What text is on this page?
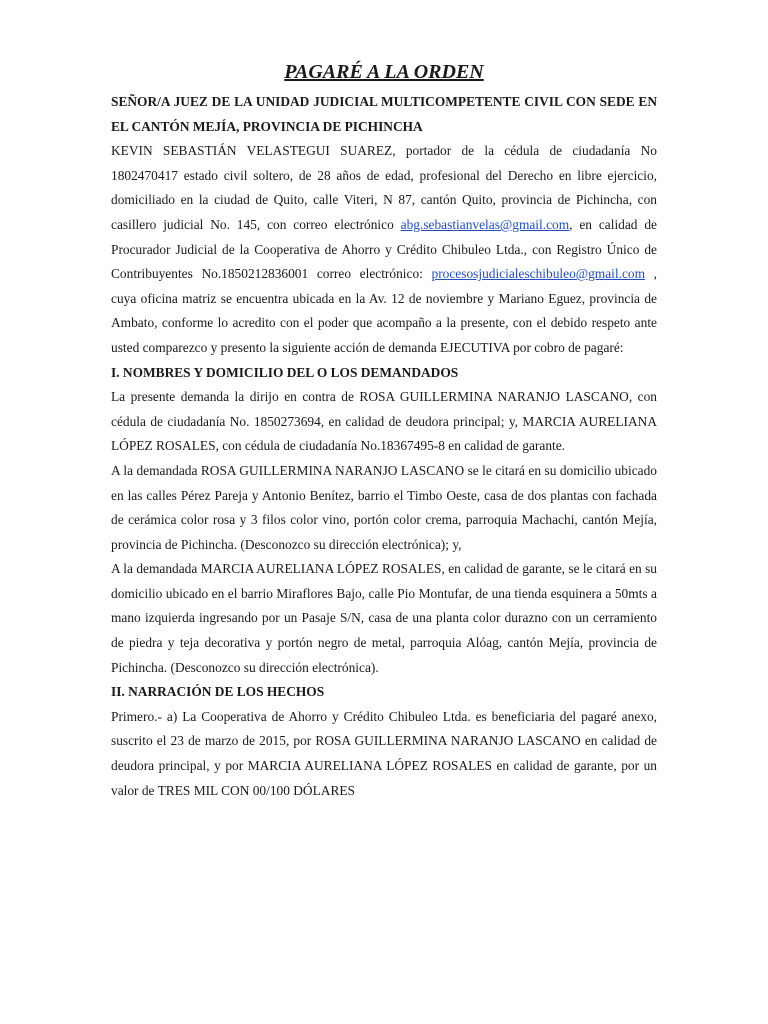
PAGARÉ A LA ORDEN

SEÑOR/A JUEZ DE LA UNIDAD JUDICIAL MULTICOMPETENTE CIVIL CON SEDE EN EL CANTÓN MEJÍA, PROVINCIA DE PICHINCHA

KEVIN SEBASTIÁN VELASTEGUI SUAREZ, portador de la cédula de ciudadanía No 1802470417 estado civil soltero, de 28 años de edad, profesional del Derecho en libre ejercicio, domiciliado en la ciudad de Quito, calle Viteri, N 87, cantón Quito, provincia de Pichincha, con casillero judicial No. 145, con correo electrónico abg.sebastianvelas@gmail.com, en calidad de Procurador Judicial de la Cooperativa de Ahorro y Crédito Chibuleo Ltda., con Registro Único de Contribuyentes No.1850212836001 correo electrónico: procesosjudicialeschibuleo@gmail.com , cuya oficina matriz se encuentra ubicada en la Av. 12 de noviembre y Mariano Eguez, provincia de Ambato, conforme lo acredito con el poder que acompaño a la presente, con el debido respeto ante usted comparezco y presento la siguiente acción de demanda EJECUTIVA por cobro de pagaré:

I. NOMBRES Y DOMICILIO DEL O LOS DEMANDADOS

La presente demanda la dirijo en contra de ROSA GUILLERMINA NARANJO LASCANO, con cédula de ciudadanía No. 1850273694, en calidad de deudora principal; y, MARCIA AURELIANA LÓPEZ ROSALES, con cédula de ciudadanía No.18367495-8 en calidad de garante.

A la demandada ROSA GUILLERMINA NARANJO LASCANO se le citará en su domicilio ubicado en las calles Pérez Pareja y Antonio Benítez, barrio el Timbo Oeste, casa de dos plantas con fachada de cerámica color rosa y 3 filos color vino, portón color crema, parroquia Machachi, cantón Mejía, provincia de Pichincha. (Desconozco su dirección electrónica); y,

A la demandada MARCIA AURELIANA LÓPEZ ROSALES, en calidad de garante, se le citará en su domicilio ubicado en el barrio Miraflores Bajo, calle Pio Montufar, de una tienda esquinera a 50mts a mano izquierda ingresando por un Pasaje S/N, casa de una planta color durazno con un cerramiento de piedra y teja decorativa y portón negro de metal, parroquia Alóag, cantón Mejía, provincia de Pichincha. (Desconozco su dirección electrónica).

II. NARRACIÓN DE LOS HECHOS

Primero.- a) La Cooperativa de Ahorro y Crédito Chibuleo Ltda. es beneficiaria del pagaré anexo, suscrito el 23 de marzo de 2015, por ROSA GUILLERMINA NARANJO LASCANO en calidad de deudora principal, y por MARCIA AURELIANA LÓPEZ ROSALES en calidad de garante, por un valor de TRES MIL CON 00/100 DÓLARES
